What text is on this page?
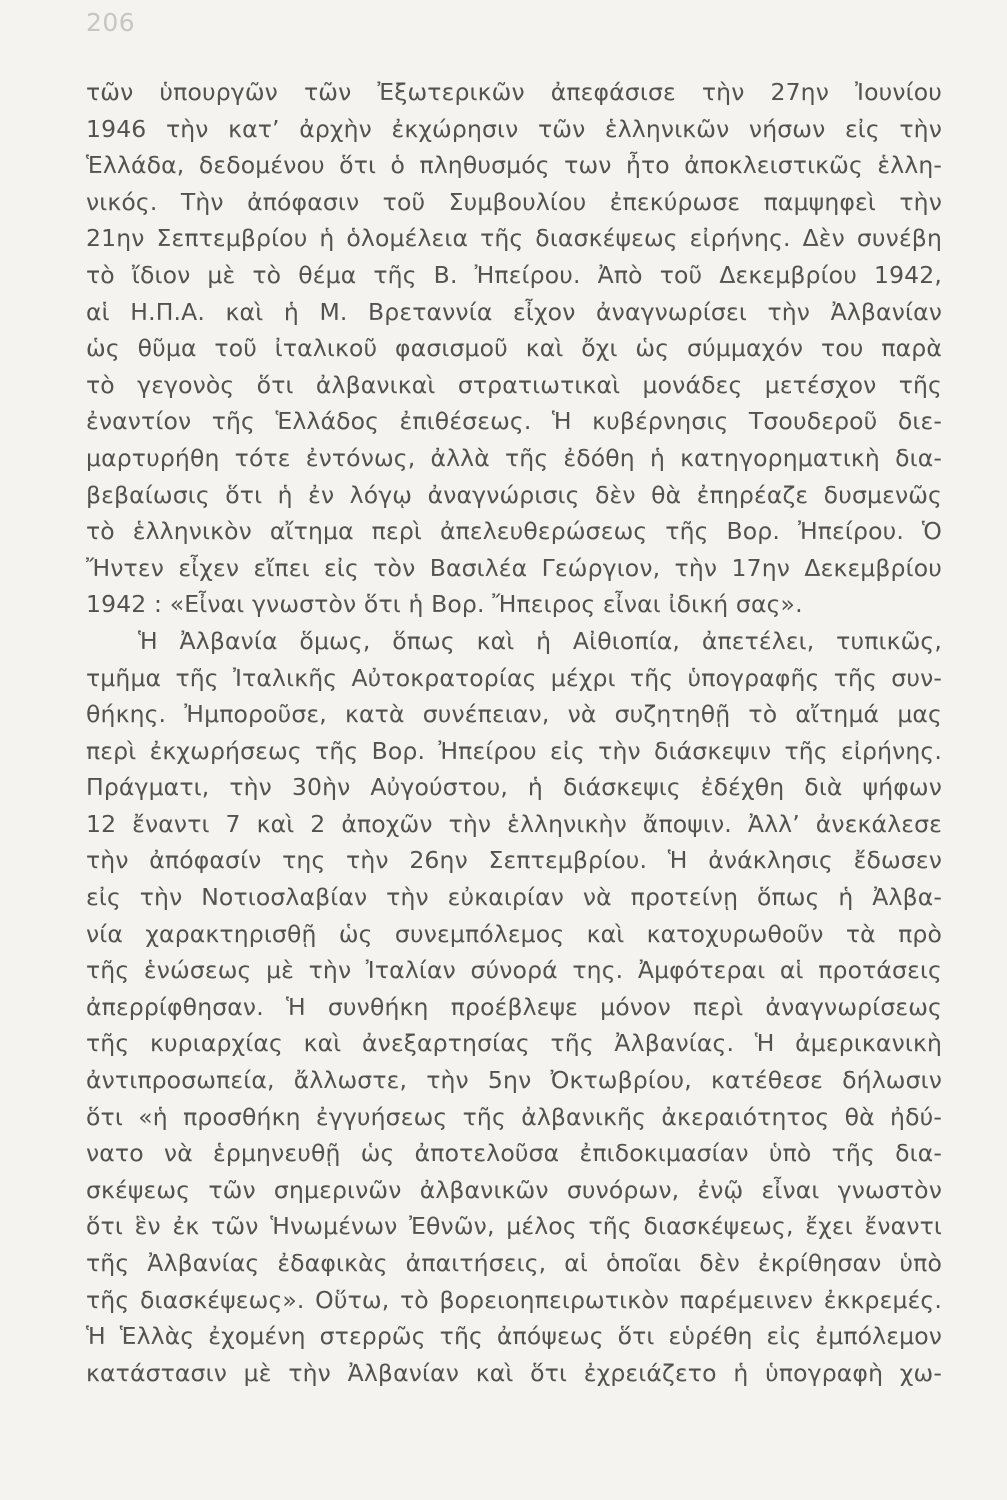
206
τῶν ὑπουργῶν τῶν Ἐξωτερικῶν ἀπεφάσισε τὴν 27ην Ἰουνίου
1946 τὴν κατ’ ἀρχὴν ἐκχώρησιν τῶν ἑλληνικῶν νήσων εἰς τὴν
Ἑλλάδα, δεδομένου ὅτι ὁ πληθυσμός των ἦτο ἀποκλειστικῶς ἑλλη-
νικός. Τὴν ἀπόφασιν τοῦ Συμβουλίου ἐπεκύρωσε παμψηφεὶ τὴν
21ην Σεπτεμβρίου ἡ ὁλομέλεια τῆς διασκέψεως εἰρήνης. Δὲν συνέβη
τὸ ἴδιον μὲ τὸ θέμα τῆς Β. Ἠπείρου. Ἀπὸ τοῦ Δεκεμβρίου 1942,
αἱ Η.Π.Α. καὶ ἡ Μ. Βρεταννία εἶχον ἀναγνωρίσει τὴν Ἀλβανίαν
ὡς θῦμα τοῦ ἰταλικοῦ φασισμοῦ καὶ ὄχι ὡς σύμμαχόν του παρὰ
τὸ γεγονὸς ὅτι ἀλβανικαὶ στρατιωτικαὶ μονάδες μετέσχον τῆς
ἐναντίον τῆς Ἑλλάδος ἐπιθέσεως. Ἡ κυβέρνησις Τσουδεροῦ διε-
μαρτυρήθη τότε ἐντόνως, ἀλλὰ τῆς ἐδόθη ἡ κατηγορηματικὴ δια-
βεβαίωσις ὅτι ἡ ἐν λόγῳ ἀναγνώρισις δὲν θὰ ἐπηρέαζε δυσμενῶς
τὸ ἑλληνικὸν αἴτημα περὶ ἀπελευθερώσεως τῆς Βορ. Ἠπείρου. Ὁ
Ἤντεν εἶχεν εἴπει εἰς τὸν Βασιλέα Γεώργιον, τὴν 17ην Δεκεμβρίου
1942 : «Εἶναι γνωστὸν ὅτι ἡ Βορ. Ἤπειρος εἶναι ἰδική σας».
Ἡ Ἀλβανία ὅμως, ὅπως καὶ ἡ Αἰθιοπία, ἀπετέλει, τυπικῶς,
τμῆμα τῆς Ἰταλικῆς Αὐτοκρατορίας μέχρι τῆς ὑπογραφῆς τῆς συν-
θήκης. Ἠμποροῦσε, κατὰ συνέπειαν, νὰ συζητηθῇ τὸ αἴτημά μας
περὶ ἐκχωρήσεως τῆς Βορ. Ἠπείρου εἰς τὴν διάσκεψιν τῆς εἰρήνης.
Πράγματι, τὴν 30ὴν Αὐγούστου, ἡ διάσκεψις ἐδέχθη διὰ ψήφων
12 ἔναντι 7 καὶ 2 ἀποχῶν τὴν ἑλληνικὴν ἄποψιν. Ἀλλ’ ἀνεκάλεσε
τὴν ἀπόφασίν της τὴν 26ην Σεπτεμβρίου. Ἡ ἀνάκλησις ἔδωσεν
εἰς τὴν Νοτιοσλαβίαν τὴν εὐκαιρίαν νὰ προτείνῃ ὅπως ἡ Ἀλβα-
νία χαρακτηρισθῇ ὡς συνεμπόλεμος καὶ κατοχυρωθοῦν τὰ πρὸ
τῆς ἑνώσεως μὲ τὴν Ἰταλίαν σύνορά της. Ἀμφότεραι αἱ προτάσεις
ἀπερρίφθησαν. Ἡ συνθήκη προέβλεψε μόνον περὶ ἀναγνωρίσεως
τῆς κυριαρχίας καὶ ἀνεξαρτησίας τῆς Ἀλβανίας. Ἡ ἀμερικανικὴ
ἀντιπροσωπεία, ἄλλωστε, τὴν 5ην Ὀκτωβρίου, κατέθεσε δήλωσιν
ὅτι «ἡ προσθήκη ἐγγυήσεως τῆς ἀλβανικῆς ἀκεραιότητος θὰ ἠδύ-
νατο νὰ ἑρμηνευθῇ ὡς ἀποτελοῦσα ἐπιδοκιμασίαν ὑπὸ τῆς δια-
σκέψεως τῶν σημερινῶν ἀλβανικῶν συνόρων, ἐνῷ εἶναι γνωστὸν
ὅτι ἓν ἐκ τῶν Ἡνωμένων Ἐθνῶν, μέλος τῆς διασκέψεως, ἔχει ἔναντι
τῆς Ἀλβανίας ἐδαφικὰς ἀπαιτήσεις, αἱ ὁποῖαι δὲν ἐκρίθησαν ὑπὸ
τῆς διασκέψεως». Οὕτω, τὸ βορειοηπειρωτικὸν παρέμεινεν ἐκκρεμές.
Ἡ Ἑλλὰς ἐχομένη στερρῶς τῆς ἀπόψεως ὅτι εὑρέθη εἰς ἐμπόλεμον
κατάστασιν μὲ τὴν Ἀλβανίαν καὶ ὅτι ἐχρειάζετο ἡ ὑπογραφὴ χω-
